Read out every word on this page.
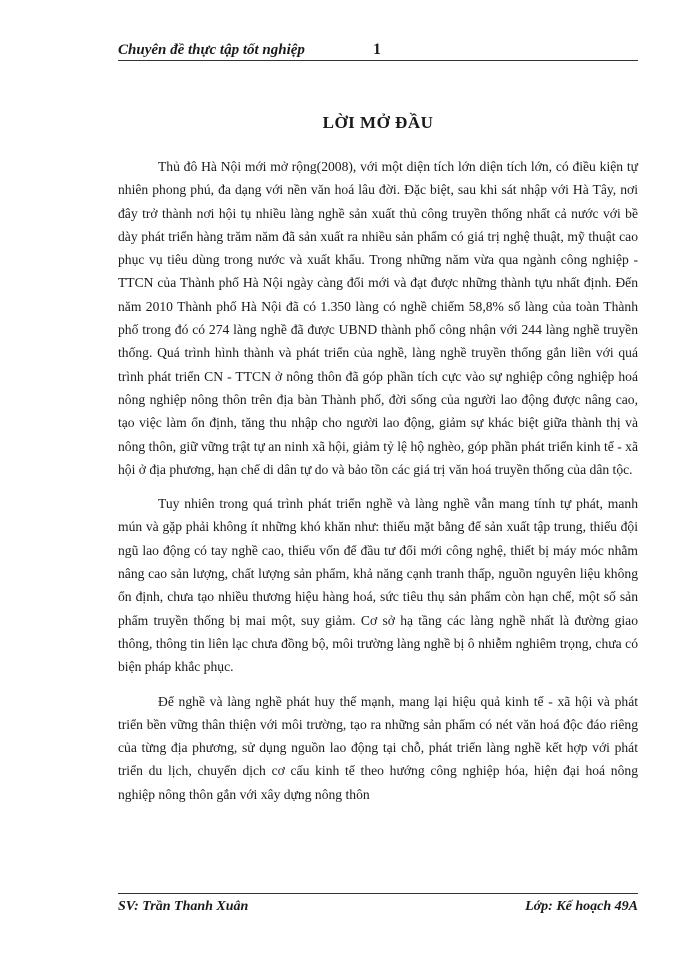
Chuyên đề thực tập tốt nghiệp	1
LỜI MỞ ĐẦU

Thủ đô Hà Nội mới mở rộng(2008), với một diện tích lớn diện tích lớn, có điều kiện tự nhiên phong phú, đa dạng với nền văn hoá lâu đời. Đặc biệt, sau khi sát nhập với Hà Tây, nơi đây trở thành nơi hội tụ nhiều làng nghề sản xuất thủ công truyền thống nhất cả nước với bề dày phát triển hàng trăm năm đã sản xuất ra nhiều sản phẩm có giá trị nghệ thuật, mỹ thuật cao phục vụ tiêu dùng trong nước và xuất khẩu. Trong những năm vừa qua ngành công nghiệp - TTCN của Thành phố Hà Nội ngày càng đổi mới và đạt được những thành tựu nhất định. Đến năm 2010 Thành phố Hà Nội đã có 1.350 làng có nghề chiếm 58,8% số làng của toàn Thành phố trong đó có 274 làng nghề đã được UBND thành phố công nhận với 244 làng nghề truyền thống. Quá trình hình thành và phát triển của nghề, làng nghề truyền thống gắn liền với quá trình phát triển CN - TTCN ở nông thôn đã góp phần tích cực vào sự nghiệp công nghiệp hoá nông nghiệp nông thôn trên địa bàn Thành phố, đời sống của người lao động được nâng cao, tạo việc làm ổn định, tăng thu nhập cho người lao động, giảm sự khác biệt giữa thành thị và nông thôn, giữ vững trật tự an ninh xã hội, giảm tỷ lệ hộ nghèo, góp phần phát triển kinh tế - xã hội ở địa phương, hạn chế di dân tự do và bảo tồn các giá trị văn hoá truyền thống của dân tộc.

Tuy nhiên trong quá trình phát triển nghề và làng nghề vẫn mang tính tự phát, manh mún và gặp phải không ít những khó khăn như: thiếu mặt bằng để sản xuất tập trung, thiếu đội ngũ lao động có tay nghề cao, thiếu vốn để đầu tư đổi mới công nghệ, thiết bị máy móc nhằm nâng cao sản lượng, chất lượng sản phẩm, khả năng cạnh tranh thấp, nguồn nguyên liệu không ổn định, chưa tạo nhiều thương hiệu hàng hoá, sức tiêu thụ sản phẩm còn hạn chế, một số sản phẩm truyền thống bị mai một, suy giảm. Cơ sở hạ tầng các làng nghề nhất là đường giao thông, thông tin liên lạc chưa đồng bộ, môi trường làng nghề bị ô nhiễm nghiêm trọng, chưa có biện pháp khắc phục.

Để nghề và làng nghề phát huy thế mạnh, mang lại hiệu quả kinh tế - xã hội và phát triển bền vững thân thiện với môi trường, tạo ra những sản phẩm có nét văn hoá độc đáo riêng của từng địa phương, sử dụng nguồn lao động tại chỗ, phát triển làng nghề kết hợp với phát triển du lịch, chuyển dịch cơ cấu kinh tế theo hướng công nghiệp hóa, hiện đại hoá nông nghiệp nông thôn gắn với xây dựng nông thôn

SV: Trần Thanh Xuân	Lớp: Kế hoạch 49A
